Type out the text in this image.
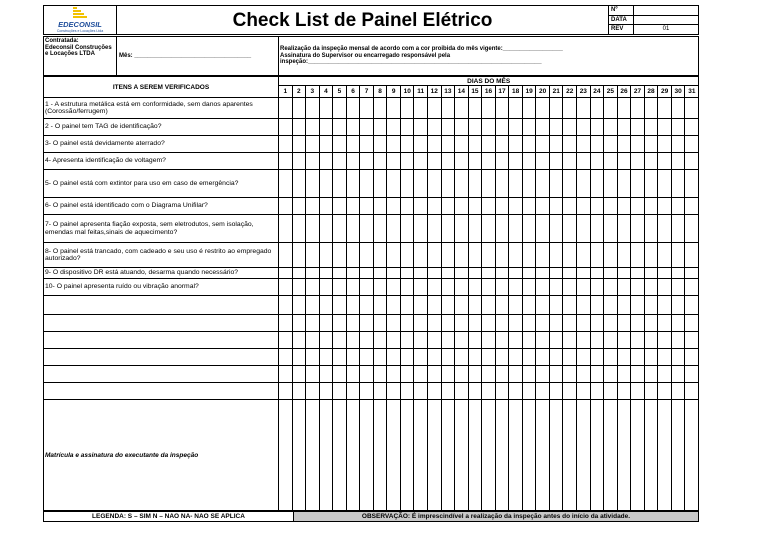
EDECONSIL
Construções e Locações Ltda	Check List de Painel Elétrico	Nº	
		DATA	
		REV	01
Contratada:
Edeconsil Construções e Locações LTDA	Mês: ___________________________________	
Realização da inspeção mensal de acordo com a cor proibida do mês vigente:__________________
Assinatura do Supervisor ou encarregado responsável pela inspeção:______________________________________________________________________
ITENS A SEREM VERIFICADOS	DIAS DO MÊS																														
	1	2	3	4	5	6	7	8	9	10	11	12	13	14	15	16	17	18	19	20	21	22	23	24	25	26	27	28	29	30	31
1 - A estrutura metálica está em conformidade, sem danos aparentes (Corossão/ferrugem)																															
2 - O painel tem TAG de identificação?																															
3- O painel está devidamente aterrado?																															
4- Apresenta identificação de voltagem?																															
5- O painel está com extintor para uso em caso de emergência?																															
6- O painel está identificado com o Diagrama Unifilar?																															
7- O painel apresenta fiação exposta, sem eletrodutos, sem isolação, emendas mal feitas,sinais de aquecimento?																															
8- O painel está trancado, com cadeado e seu uso é restrito ao empregado autorizado?																															
9- O dispositivo DR está atuando, desarma quando necessário?																															
10- O painel apresenta ruído ou vibração anormal?																															

Matrícula e assinatura do executante da inspeção																															
LEGENDA: S – SIM N – NAO NA- NAO SE APLICA	OBSERVAÇÃO: É imprescindível a realização da inspeção antes do início da atividade.
